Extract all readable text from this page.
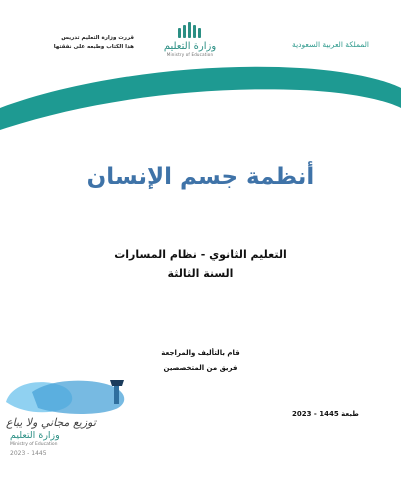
المملكة العربية السعودية
وزارة التعليم
Ministry of Education
قررت وزارة التعليم تدريس
هذا الكتاب وطبعه على نفقتها
أنظمة جسم الإنسان
التعليم الثانوي - نظام المسارات
السنة الثالثة
قام بالتأليف والمراجعة
فريق من المتخصصين
توزيع مجاني ولا يباع
وزارة التعليم
Ministry of Education
2023 - 1445
طبعة 1445 - 2023
